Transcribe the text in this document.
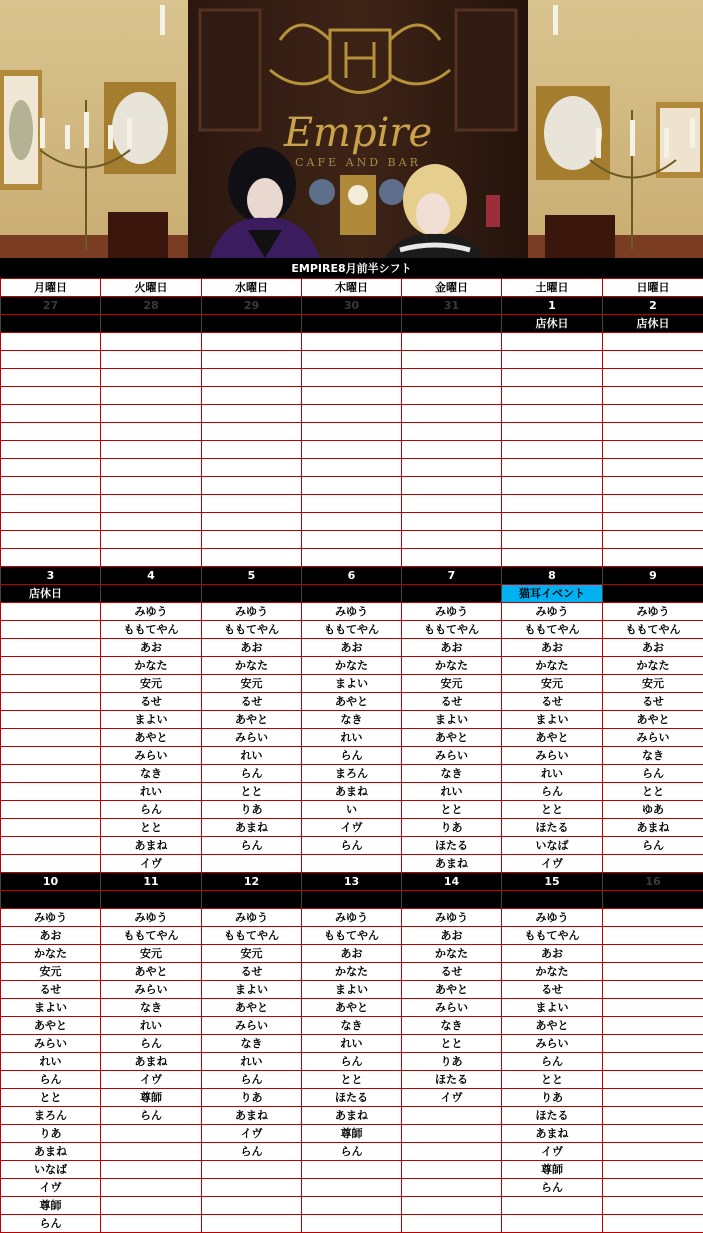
Empire
CAFE AND BAR
EMPIRE8月前半シフト
月曜日	火曜日	水曜日	木曜日	金曜日	土曜日	日曜日
27	28	29	30	31	1	2
					店休日	店休日

3	4	5	6	7	8	9
店休日					猫耳イベント	
	みゆう	みゆう	みゆう	みゆう	みゆう	みゆう
	ももてやん	ももてやん	ももてやん	ももてやん	ももてやん	ももてやん
	あお	あお	あお	あお	あお	あお
	かなた	かなた	かなた	かなた	かなた	かなた
	安元	安元	まよい	安元	安元	安元
	るせ	るせ	あやと	るせ	るせ	るせ
	まよい	あやと	なき	まよい	まよい	あやと
	あやと	みらい	れい	あやと	あやと	みらい
	みらい	れい	らん	みらい	みらい	なき
	なき	らん	まろん	なき	れい	らん
	れい	とと	あまね	れい	らん	とと
	らん	りあ	い	とと	とと	ゆあ
	とと	あまね	イヴ	りあ	ほたる	あまね
	あまね	らん	らん	ほたる	いなば	らん
	イヴ			あまね	イヴ	
10	11	12	13	14	15	16

みゆう	みゆう	みゆう	みゆう	みゆう	みゆう	
あお	ももてやん	ももてやん	ももてやん	あお	ももてやん	
かなた	安元	安元	あお	かなた	あお	
安元	あやと	るせ	かなた	るせ	かなた	
るせ	みらい	まよい	まよい	あやと	るせ	
まよい	なき	あやと	あやと	みらい	まよい	
あやと	れい	みらい	なき	なき	あやと	
みらい	らん	なき	れい	とと	みらい	
れい	あまね	れい	らん	りあ	らん	
らん	イヴ	らん	とと	ほたる	とと	
とと	尊師	りあ	ほたる	イヴ	りあ	
まろん	らん	あまね	あまね		ほたる	
りあ		イヴ	尊師		あまね	
あまね		らん	らん		イヴ	
いなば					尊師	
イヴ					らん	
尊師						
らん						
